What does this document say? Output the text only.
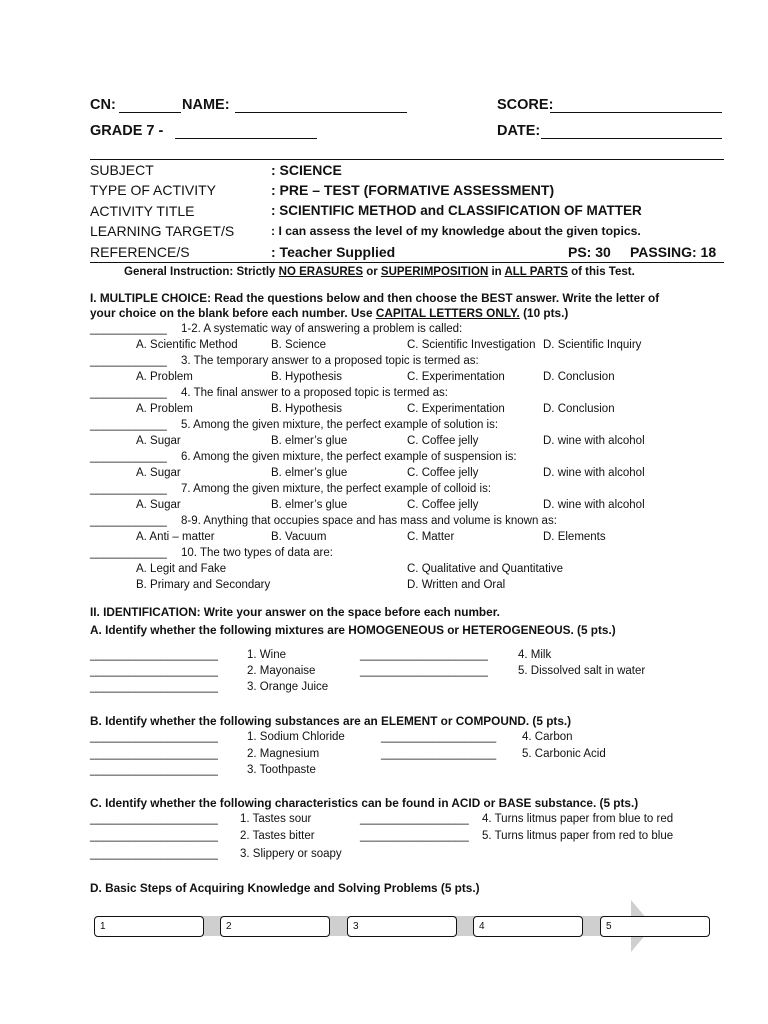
CN:	NAME:	SCORE:
GRADE 7 -	DATE:
SUBJECT	: SCIENCE
TYPE OF ACTIVITY	: PRE – TEST (FORMATIVE ASSESSMENT)
ACTIVITY TITLE	: SCIENTIFIC METHOD and CLASSIFICATION OF MATTER
LEARNING TARGET/S	: I can assess the level of my knowledge about the given topics.
REFERENCE/S	: Teacher Supplied	PS: 30 PASSING: 18
General Instruction: Strictly NO ERASURES or SUPERIMPOSITION in ALL PARTS of this Test.
I. MULTIPLE CHOICE: Read the questions below and then choose the BEST answer. Write the letter of
your choice on the blank before each number. Use CAPITAL LETTERS ONLY. (10 pts.)
____________ 1-2. A systematic way of answering a problem is called:
A. Scientific Method	B. Science	C. Scientific Investigation D. Scientific Inquiry
____________ 3. The temporary answer to a proposed topic is termed as:
A. Problem	B. Hypothesis	C. Experimentation	D. Conclusion
____________ 4. The final answer to a proposed topic is termed as:
A. Problem	B. Hypothesis	C. Experimentation	D. Conclusion
____________ 5. Among the given mixture, the perfect example of solution is:
A. Sugar	B. elmer’s glue	C. Coffee jelly	D. wine with alcohol
____________ 6. Among the given mixture, the perfect example of suspension is:
A. Sugar	B. elmer’s glue	C. Coffee jelly	D. wine with alcohol
____________ 7. Among the given mixture, the perfect example of colloid is:
A. Sugar	B. elmer’s glue	C. Coffee jelly	D. wine with alcohol
____________ 8-9. Anything that occupies space and has mass and volume is known as:
A. Anti – matter	B. Vacuum	C. Matter	D. Elements
____________ 10. The two types of data are:
A. Legit and Fake	C. Qualitative and Quantitative
B. Primary and Secondary	D. Written and Oral
II. IDENTIFICATION: Write your answer on the space before each number.
A. Identify whether the following mixtures are HOMOGENEOUS or HETEROGENEOUS. (5 pts.)
____________________	1. Wine
____________________	2. Mayonaise
____________________	3. Orange Juice
____________________	4. Milk
____________________	5. Dissolved salt in water
B. Identify whether the following substances are an ELEMENT or COMPOUND. (5 pts.)
____________________	1. Sodium Chloride
____________________	2. Magnesium
____________________	3. Toothpaste
__________________ 4. Carbon
__________________ 5. Carbonic Acid
C. Identify whether the following characteristics can be found in ACID or BASE substance. (5 pts.)
____________________ 1. Tastes sour
____________________ 2. Tastes bitter
____________________ 3. Slippery or soapy
_________________ 4. Turns litmus paper from blue to red
_________________ 5. Turns litmus paper from red to blue
D. Basic Steps of Acquiring Knowledge and Solving Problems (5 pts.)
1	2	3	4	5
